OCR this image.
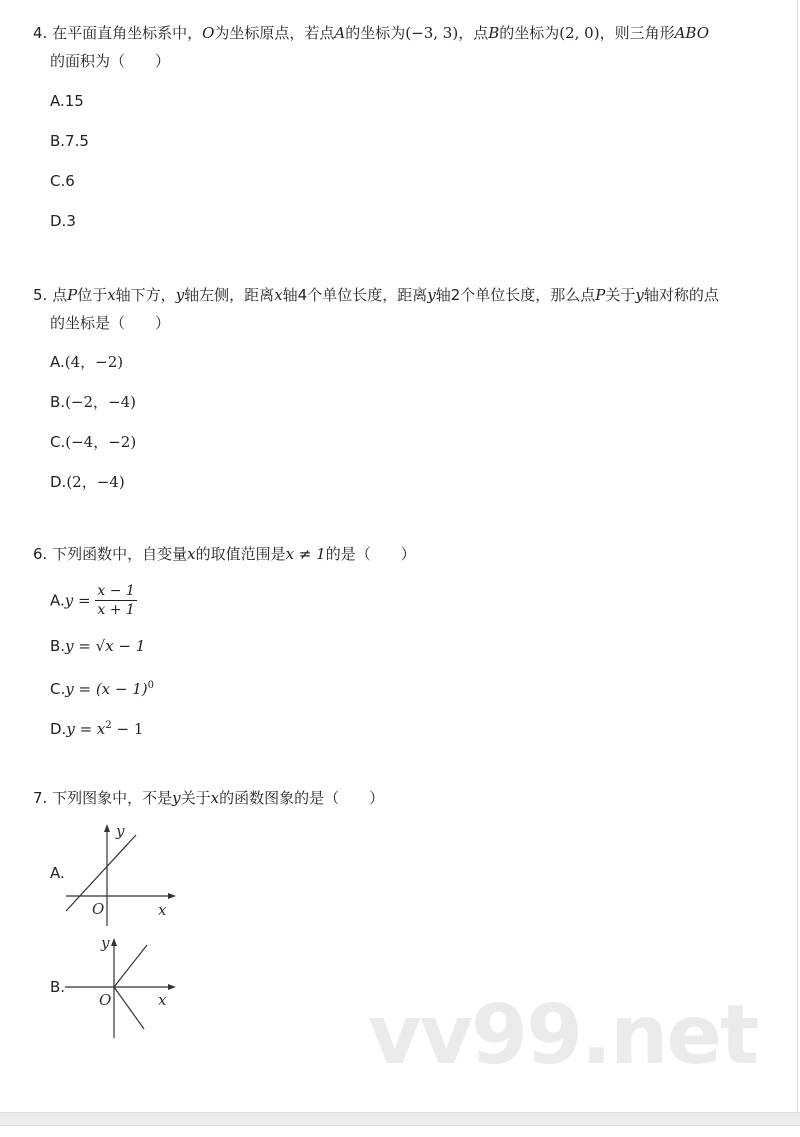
4. 在平面直角坐标系中，O为坐标原点，若点A的坐标为(−3, 3)，点B的坐标为(2, 0)，则三角形ABO
的面积为（　　）
A.15
B.7.5
C.6
D.3
5. 点P位于x轴下方，y轴左侧，距离x轴4个单位长度，距离y轴2个单位长度，那么点P关于y轴对称的点
的坐标是（　　）
A.(4，−2)
B.(−2，−4)
C.(−4，−2)
D.(2，−4)
6. 下列函数中，自变量x的取值范围是x ≠ 1的是（　　）
$A.y = \frac{x - 1}{x + 1}$
B.y = √x − 1
$C.y = (x - 1)^0$
$D.y = x^2 - 1$
7. 下列图象中，不是y关于x的函数图象的是（　　）
A.
y
O	x
B.
y
O	x vv99.net
